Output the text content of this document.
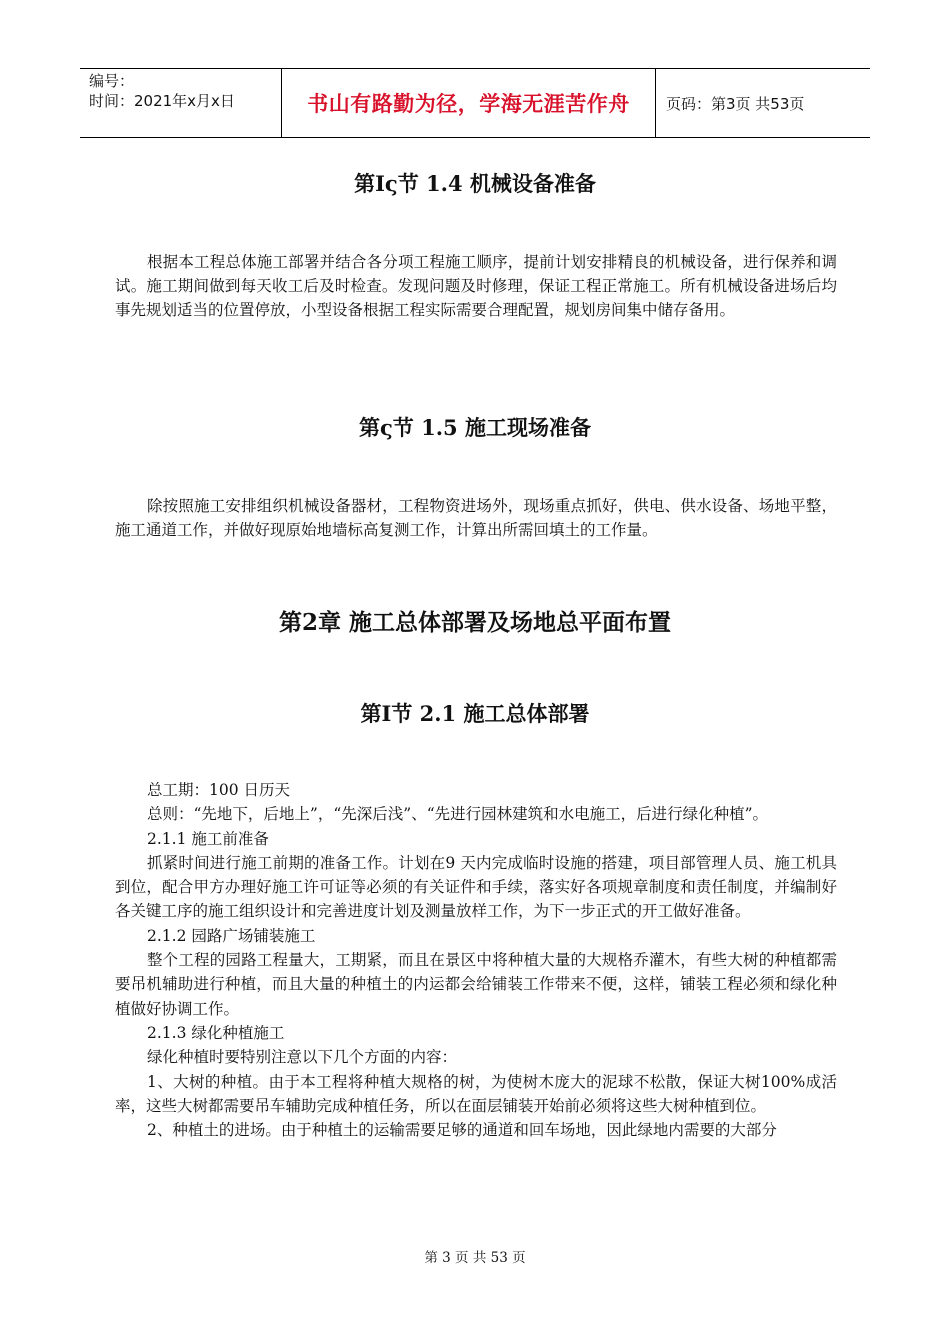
编号：
时间：2021年x月x日	书山有路勤为径，学海无涯苦作舟	页码：第3页 共53页
第Iς节 1.4 机械设备准备

根据本工程总体施工部署并结合各分项工程施工顺序，提前计划安排精良的机械设备，进行保养和调试。施工期间做到每天收工后及时检查。发现问题及时修理，保证工程正常施工。所有机械设备进场后均事先规划适当的位置停放，小型设备根据工程实际需要合理配置，规划房间集中储存备用。

第ς节 1.5 施工现场准备

除按照施工安排组织机械设备器材，工程物资进场外，现场重点抓好，供电、供水设备、场地平整，施工通道工作，并做好现原始地墙标高复测工作，计算出所需回填土的工作量。

第2章 施工总体部署及场地总平面布置
第I节 2.1 施工总体部署

总工期：100 日历天

总则：“先地下，后地上”，“先深后浅”、“先进行园林建筑和水电施工，后进行绿化种植”。

2.1.1 施工前准备

抓紧时间进行施工前期的准备工作。计划在9 天内完成临时设施的搭建，项目部管理人员、施工机具到位，配合甲方办理好施工许可证等必须的有关证件和手续，落实好各项规章制度和责任制度，并编制好各关键工序的施工组织设计和完善进度计划及测量放样工作，为下一步正式的开工做好准备。

2.1.2 园路广场铺装施工

整个工程的园路工程量大，工期紧，而且在景区中将种植大量的大规格乔灌木，有些大树的种植都需要吊机辅助进行种植，而且大量的种植土的内运都会给铺装工作带来不便，这样，铺装工程必须和绿化种植做好协调工作。

2.1.3 绿化种植施工

绿化种植时要特别注意以下几个方面的内容：

1、大树的种植。由于本工程将种植大规格的树，为使树木庞大的泥球不松散，保证大树100%成活率，这些大树都需要吊车辅助完成种植任务，所以在面层铺装开始前必须将这些大树种植到位。

2、种植土的进场。由于种植土的运输需要足够的通道和回车场地，因此绿地内需要的大部分

第 3 页 共 53 页
